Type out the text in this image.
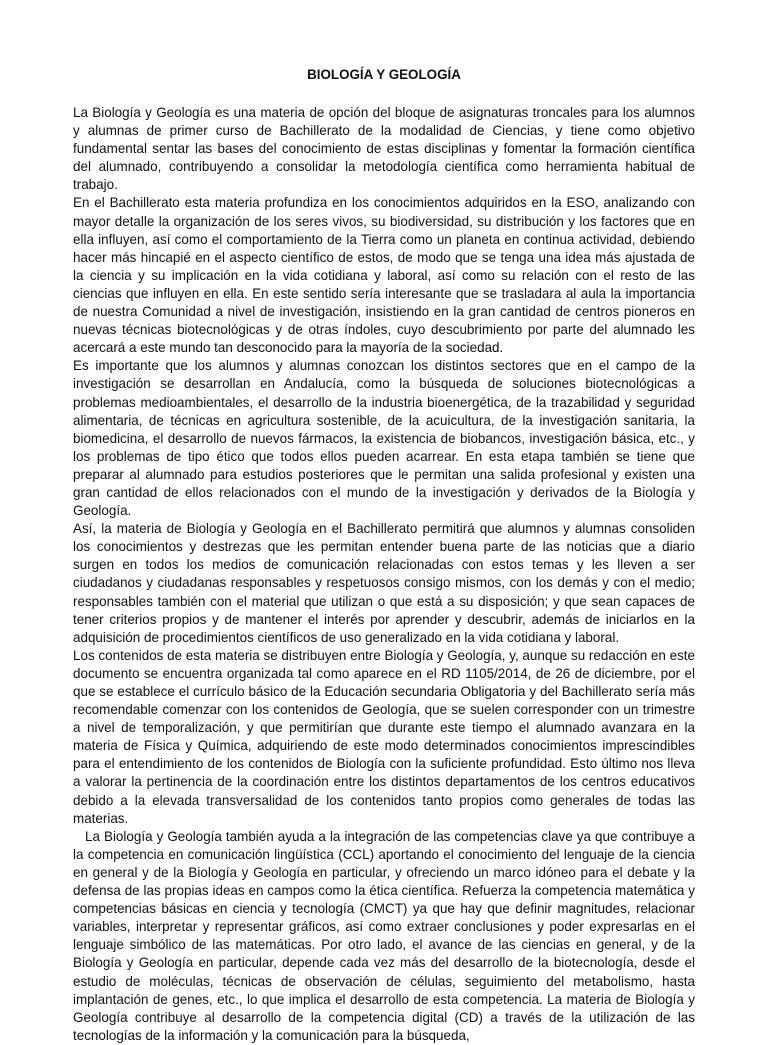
BIOLOGÍA Y GEOLOGÍA

La Biología y Geología es una materia de opción del bloque de asignaturas troncales para los alumnos y alumnas de primer curso de Bachillerato de la modalidad de Ciencias, y tiene como objetivo fundamental sentar las bases del conocimiento de estas disciplinas y fomentar la formación científica del alumnado, contribuyendo a consolidar la metodología científica como herramienta habitual de trabajo.

En el Bachillerato esta materia profundiza en los conocimientos adquiridos en la ESO, analizando con mayor detalle la organización de los seres vivos, su biodiversidad, su distribución y los factores que en ella influyen, así como el comportamiento de la Tierra como un planeta en continua actividad, debiendo hacer más hincapié en el aspecto científico de estos, de modo que se tenga una idea más ajustada de la ciencia y su implicación en la vida cotidiana y laboral, así como su relación con el resto de las ciencias que influyen en ella. En este sentido sería interesante que se trasladara al aula la importancia de nuestra Comunidad a nivel de investigación, insistiendo en la gran cantidad de centros pioneros en nuevas técnicas biotecnológicas y de otras índoles, cuyo descubrimiento por parte del alumnado les acercará a este mundo tan desconocido para la mayoría de la sociedad.

Es importante que los alumnos y alumnas conozcan los distintos sectores que en el campo de la investigación se desarrollan en Andalucía, como la búsqueda de soluciones biotecnológicas a problemas medioambientales, el desarrollo de la industria bioenergética, de la trazabilidad y seguridad alimentaria, de técnicas en agricultura sostenible, de la acuicultura, de la investigación sanitaria, la biomedicina, el desarrollo de nuevos fármacos, la existencia de biobancos, investigación básica, etc., y los problemas de tipo ético que todos ellos pueden acarrear. En esta etapa también se tiene que preparar al alumnado para estudios posteriores que le permitan una salida profesional y existen una gran cantidad de ellos relacionados con el mundo de la investigación y derivados de la Biología y Geología.

Así, la materia de Biología y Geología en el Bachillerato permitirá que alumnos y alumnas consoliden los conocimientos y destrezas que les permitan entender buena parte de las noticias que a diario surgen en todos los medios de comunicación relacionadas con estos temas y les lleven a ser ciudadanos y ciudadanas responsables y respetuosos consigo mismos, con los demás y con el medio; responsables también con el material que utilizan o que está a su disposición; y que sean capaces de tener criterios propios y de mantener el interés por aprender y descubrir, además de iniciarlos en la adquisición de procedimientos científicos de uso generalizado en la vida cotidiana y laboral.

Los contenidos de esta materia se distribuyen entre Biología y Geología, y, aunque su redacción en este documento se encuentra organizada tal como aparece en el RD 1105/2014, de 26 de diciembre, por el que se establece el currículo básico de la Educación secundaria Obligatoria y del Bachillerato sería más recomendable comenzar con los contenidos de Geología, que se suelen corresponder con un trimestre a nivel de temporalización, y que permitirían que durante este tiempo el alumnado avanzara en la materia de Física y Química, adquiriendo de este modo determinados conocimientos imprescindibles para el entendimiento de los contenidos de Biología con la suficiente profundidad. Esto último nos lleva a valorar la pertinencia de la coordinación entre los distintos departamentos de los centros educativos debido a la elevada transversalidad de los contenidos tanto propios como generales de todas las materias.

La Biología y Geología también ayuda a la integración de las competencias clave ya que contribuye a la competencia en comunicación lingüística (CCL) aportando el conocimiento del lenguaje de la ciencia en general y de la Biología y Geología en particular, y ofreciendo un marco idóneo para el debate y la defensa de las propias ideas en campos como la ética científica. Refuerza la competencia matemática y competencias básicas en ciencia y tecnología (CMCT) ya que hay que definir magnitudes, relacionar variables, interpretar y representar gráficos, así como extraer conclusiones y poder expresarlas en el lenguaje simbólico de las matemáticas. Por otro lado, el avance de las ciencias en general, y de la Biología y Geología en particular, depende cada vez más del desarrollo de la biotecnología, desde el estudio de moléculas, técnicas de observación de células, seguimiento del metabolismo, hasta implantación de genes, etc., lo que implica el desarrollo de esta competencia. La materia de Biología y Geología contribuye al desarrollo de la competencia digital (CD) a través de la utilización de las tecnologías de la información y la comunicación para la búsqueda,
